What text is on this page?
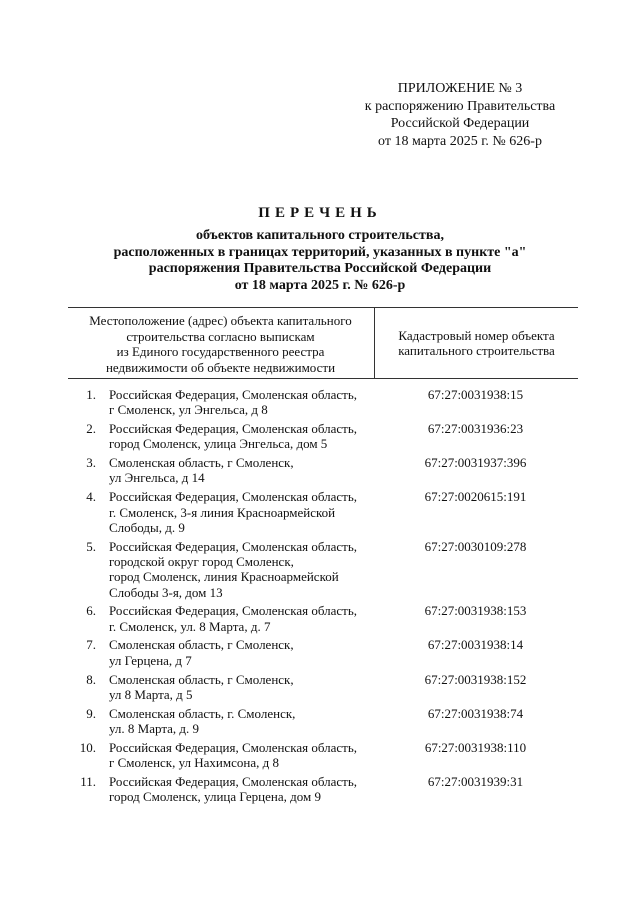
ПРИЛОЖЕНИЕ № 3
к распоряжению Правительства
Российской Федерации
от 18 марта 2025 г. № 626-р
ПЕРЕЧЕНЬ
объектов капитального строительства,
расположенных в границах территорий, указанных в пункте "а"
распоряжения Правительства Российской Федерации
от 18 марта 2025 г. № 626-р
Местоположение (адрес) объекта капитального
строительства согласно выпискам
из Единого государственного реестра
недвижимости об объекте недвижимости
Кадастровый номер объекта
капитального строительства
1. Российская Федерация, Смоленская область,
г Смоленск, ул Энгельса, д 8
67:27:0031938:15
2. Российская Федерация, Смоленская область,
город Смоленск, улица Энгельса, дом 5
67:27:0031936:23
3. Смоленская область, г Смоленск,
ул Энгельса, д 14
67:27:0031937:396
4. Российская Федерация, Смоленская область,
г. Смоленск, 3-я линия Красноармейской
Слободы, д. 9
67:27:0020615:191
5. Российская Федерация, Смоленская область,
городской округ город Смоленск,
город Смоленск, линия Красноармейской
Слободы 3-я, дом 13
67:27:0030109:278
6. Российская Федерация, Смоленская область,
г. Смоленск, ул. 8 Марта, д. 7
67:27:0031938:153
7. Смоленская область, г Смоленск,
ул Герцена, д 7
67:27:0031938:14
8. Смоленская область, г Смоленск,
ул 8 Марта, д 5
67:27:0031938:152
9. Смоленская область, г. Смоленск,
ул. 8 Марта, д. 9
67:27:0031938:74
10. Российская Федерация, Смоленская область,
г Смоленск, ул Нахимсона, д 8
67:27:0031938:110
11. Российская Федерация, Смоленская область,
город Смоленск, улица Герцена, дом 9
67:27:0031939:31
